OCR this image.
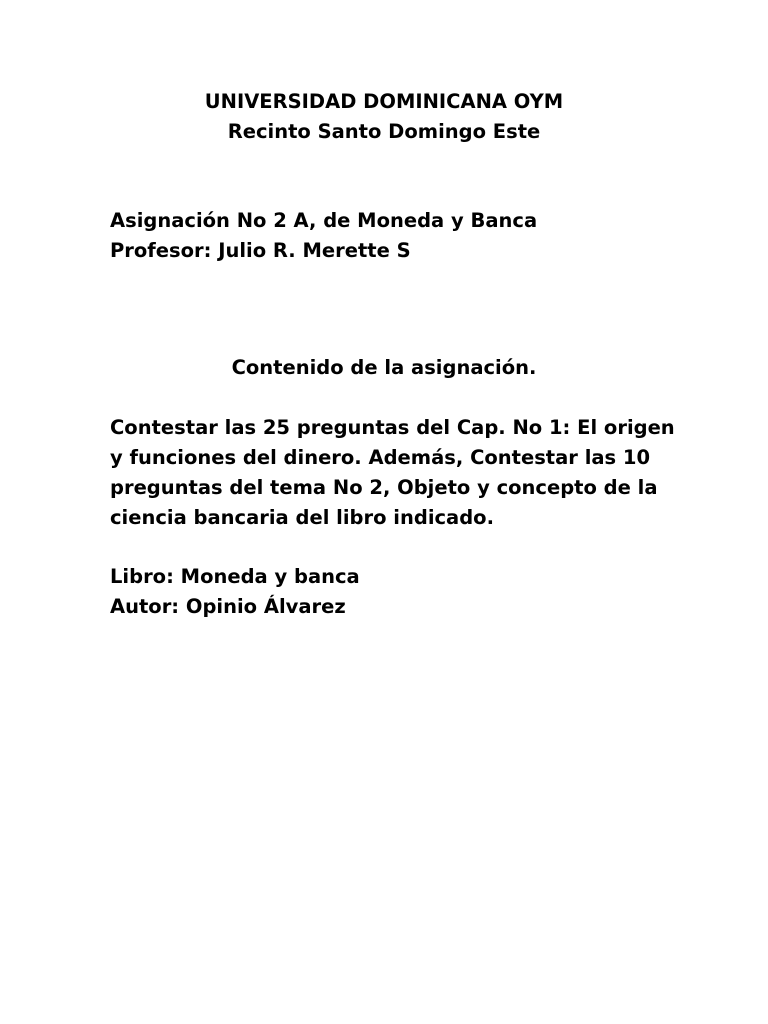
UNIVERSIDAD DOMINICANA OYM

Recinto Santo Domingo Este

Asignación No 2 A, de Moneda y Banca

Profesor: Julio R. Merette S

Contenido de la asignación.

Contestar las 25 preguntas del Cap. No 1: El origen

y funciones del dinero. Además, Contestar las 10

preguntas del tema No 2, Objeto y concepto de la

ciencia bancaria del libro indicado.

Libro: Moneda y banca

Autor: Opinio Álvarez
